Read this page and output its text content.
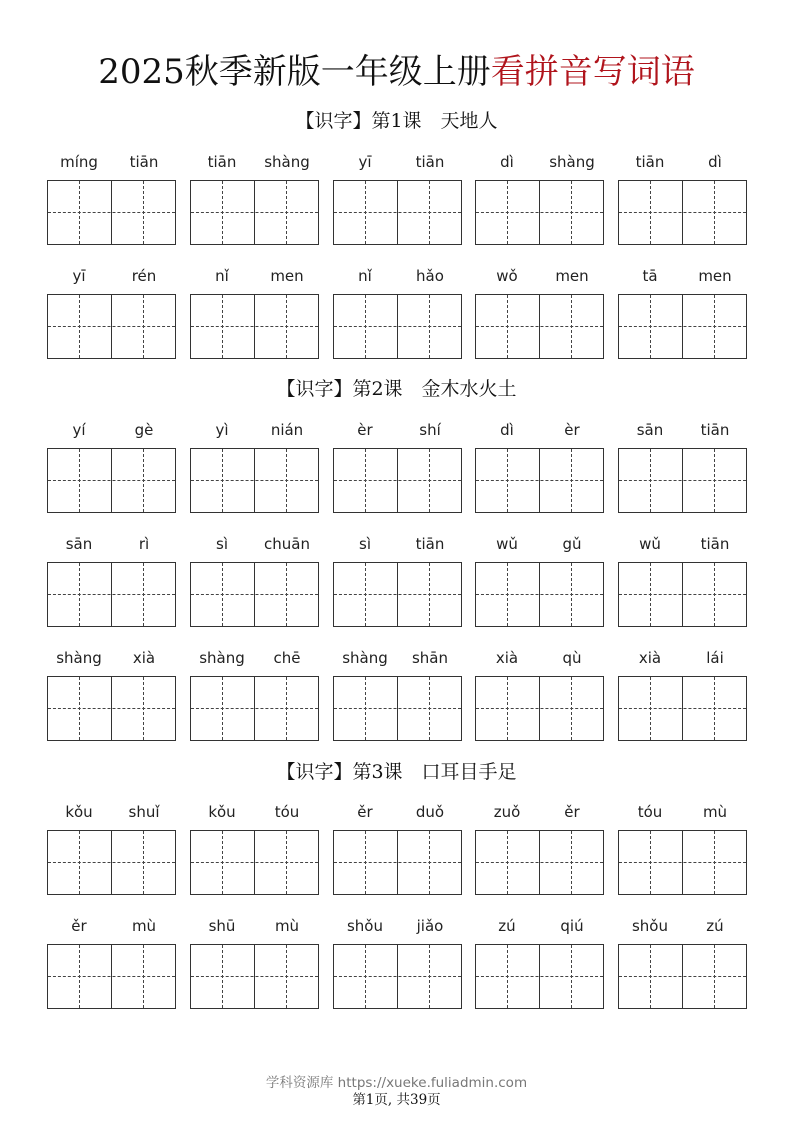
2025秋季新版一年级上册看拼音写词语
【识字】第1课　天地人
【识字】第2课　金木水火土
【识字】第3课　口耳目手足
míng	tiān	tiān	shàng	yī	tiān	dì	shàng	tiān	dì
yī	rén	nǐ	men	nǐ	hǎo	wǒ	men	tā	men
yí	gè	yì	nián	èr	shí	dì	èr	sān	tiān
sān	rì	sì	chuān	sì	tiān	wǔ	gǔ	wǔ	tiān
shàng	xià	shàng	chē	shàng	shān	xià	qù	xià	lái
kǒu	shuǐ	kǒu	tóu	ěr	duǒ	zuǒ	ěr	tóu	mù
ěr	mù	shū	mù	shǒu	jiǎo	zú	qiú	shǒu	zú
学科资源库 https://xueke.fuliadmin.com
第1页, 共39页
